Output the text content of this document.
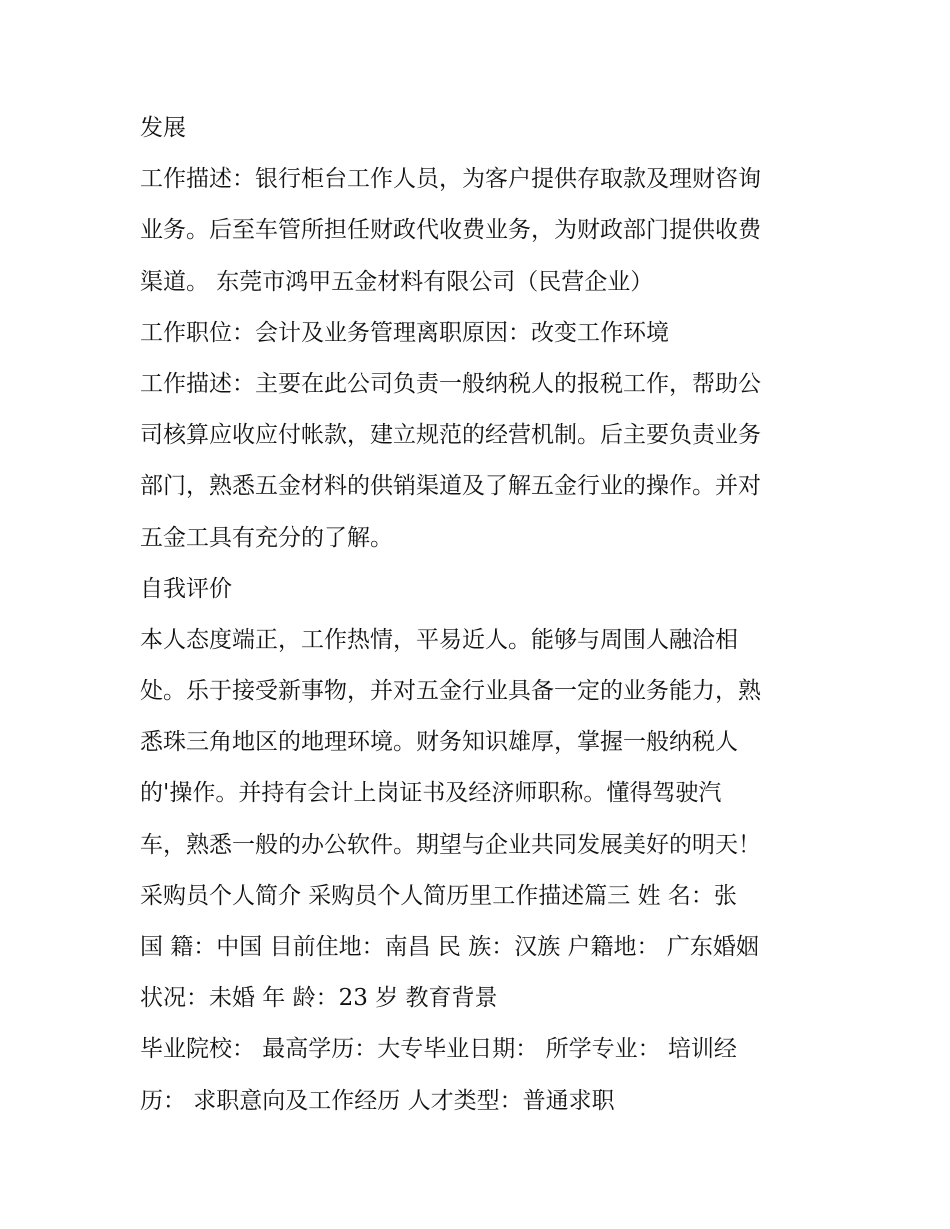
发展
工作描述：银行柜台工作人员，为客户提供存取款及理财咨询
业务。后至车管所担任财政代收费业务，为财政部门提供收费
渠道。 东莞市鸿甲五金材料有限公司（民营企业）
工作职位：会计及业务管理离职原因：改变工作环境
工作描述：主要在此公司负责一般纳税人的报税工作，帮助公
司核算应收应付帐款，建立规范的经营机制。后主要负责业务
部门，熟悉五金材料的供销渠道及了解五金行业的操作。并对
五金工具有充分的了解。
自我评价
本人态度端正，工作热情，平易近人。能够与周围人融洽相
处。乐于接受新事物，并对五金行业具备一定的业务能力，熟
悉珠三角地区的地理环境。财务知识雄厚，掌握一般纳税人
的'操作。并持有会计上岗证书及经济师职称。懂得驾驶汽
车，熟悉一般的办公软件。期望与企业共同发展美好的明天！
采购员个人简介 采购员个人简历里工作描述篇三 姓 名：张
国 籍：中国 目前住地：南昌 民 族：汉族 户籍地： 广东婚姻
状况：未婚 年 龄：23 岁 教育背景
毕业院校： 最高学历：大专毕业日期： 所学专业： 培训经
历： 求职意向及工作经历 人才类型：普通求职
